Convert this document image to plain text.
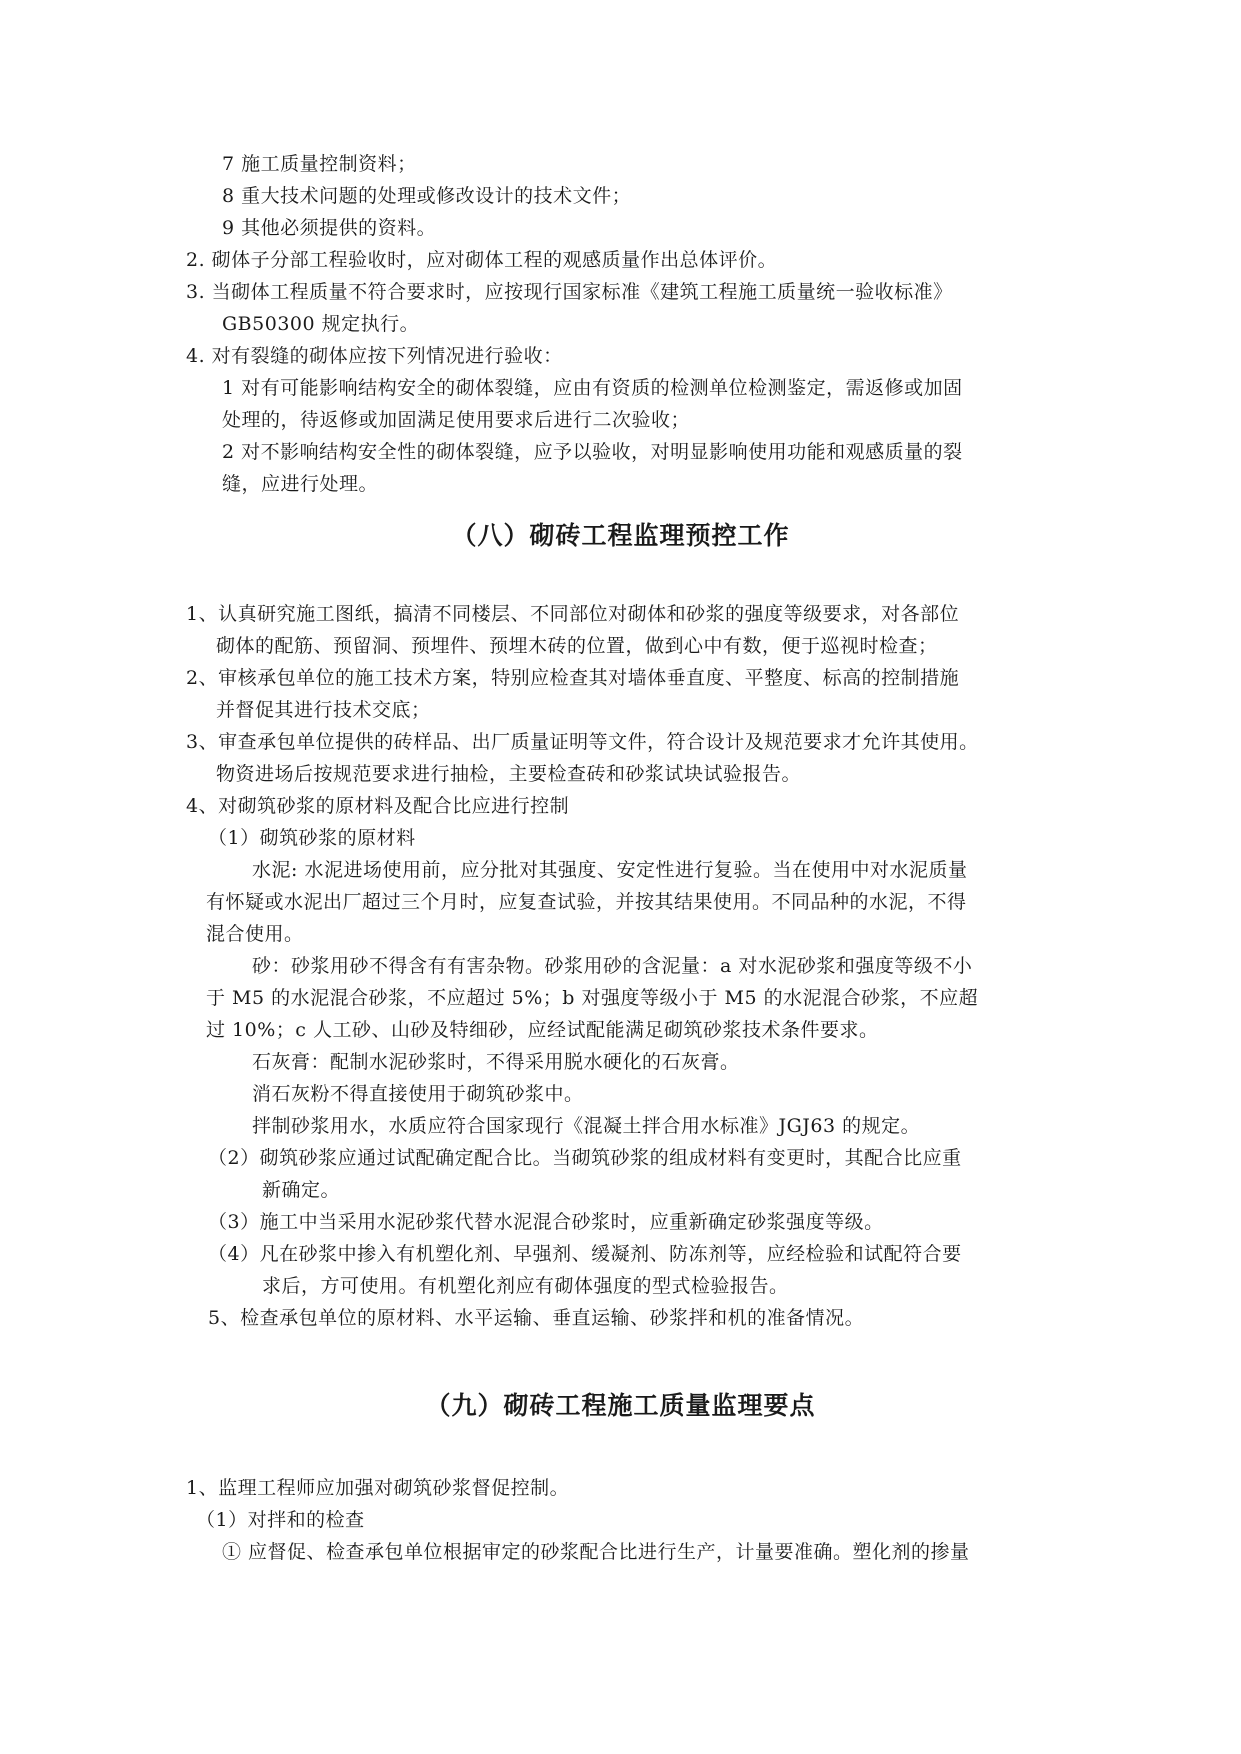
7 施工质量控制资料；
8 重大技术问题的处理或修改设计的技术文件；
9 其他必须提供的资料。
2. 砌体子分部工程验收时，应对砌体工程的观感质量作出总体评价。
3. 当砌体工程质量不符合要求时，应按现行国家标准《建筑工程施工质量统一验收标准》
GB50300 规定执行。
4. 对有裂缝的砌体应按下列情况进行验收：
1 对有可能影响结构安全的砌体裂缝，应由有资质的检测单位检测鉴定，需返修或加固
处理的，待返修或加固满足使用要求后进行二次验收；
2 对不影响结构安全性的砌体裂缝，应予以验收，对明显影响使用功能和观感质量的裂
缝，应进行处理。
（八）砌砖工程监理预控工作
1、认真研究施工图纸，搞清不同楼层、不同部位对砌体和砂浆的强度等级要求，对各部位
砌体的配筋、预留洞、预埋件、预埋木砖的位置，做到心中有数，便于巡视时检查；
2、审核承包单位的施工技术方案，特别应检查其对墙体垂直度、平整度、标高的控制措施
并督促其进行技术交底；
3、审查承包单位提供的砖样品、出厂质量证明等文件，符合设计及规范要求才允许其使用。
物资进场后按规范要求进行抽检，主要检查砖和砂浆试块试验报告。
4、对砌筑砂浆的原材料及配合比应进行控制
（1）砌筑砂浆的原材料
水泥: 水泥进场使用前，应分批对其强度、安定性进行复验。当在使用中对水泥质量
有怀疑或水泥出厂超过三个月时，应复查试验，并按其结果使用。不同品种的水泥，不得
混合使用。
砂：砂浆用砂不得含有有害杂物。砂浆用砂的含泥量：a 对水泥砂浆和强度等级不小
于 M5 的水泥混合砂浆，不应超过 5%；b 对强度等级小于 M5 的水泥混合砂浆，不应超
过 10%；c 人工砂、山砂及特细砂，应经试配能满足砌筑砂浆技术条件要求。
石灰膏：配制水泥砂浆时，不得采用脱水硬化的石灰膏。
消石灰粉不得直接使用于砌筑砂浆中。
拌制砂浆用水，水质应符合国家现行《混凝土拌合用水标准》JGJ63 的规定。
（2）砌筑砂浆应通过试配确定配合比。当砌筑砂浆的组成材料有变更时，其配合比应重
新确定。
（3）施工中当采用水泥砂浆代替水泥混合砂浆时，应重新确定砂浆强度等级。
（4）凡在砂浆中掺入有机塑化剂、早强剂、缓凝剂、防冻剂等，应经检验和试配符合要
求后，方可使用。有机塑化剂应有砌体强度的型式检验报告。
5、检查承包单位的原材料、水平运输、垂直运输、砂浆拌和机的准备情况。
（九）砌砖工程施工质量监理要点
1、监理工程师应加强对砌筑砂浆督促控制。
（1）对拌和的检查
① 应督促、检查承包单位根据审定的砂浆配合比进行生产，计量要准确。塑化剂的掺量
